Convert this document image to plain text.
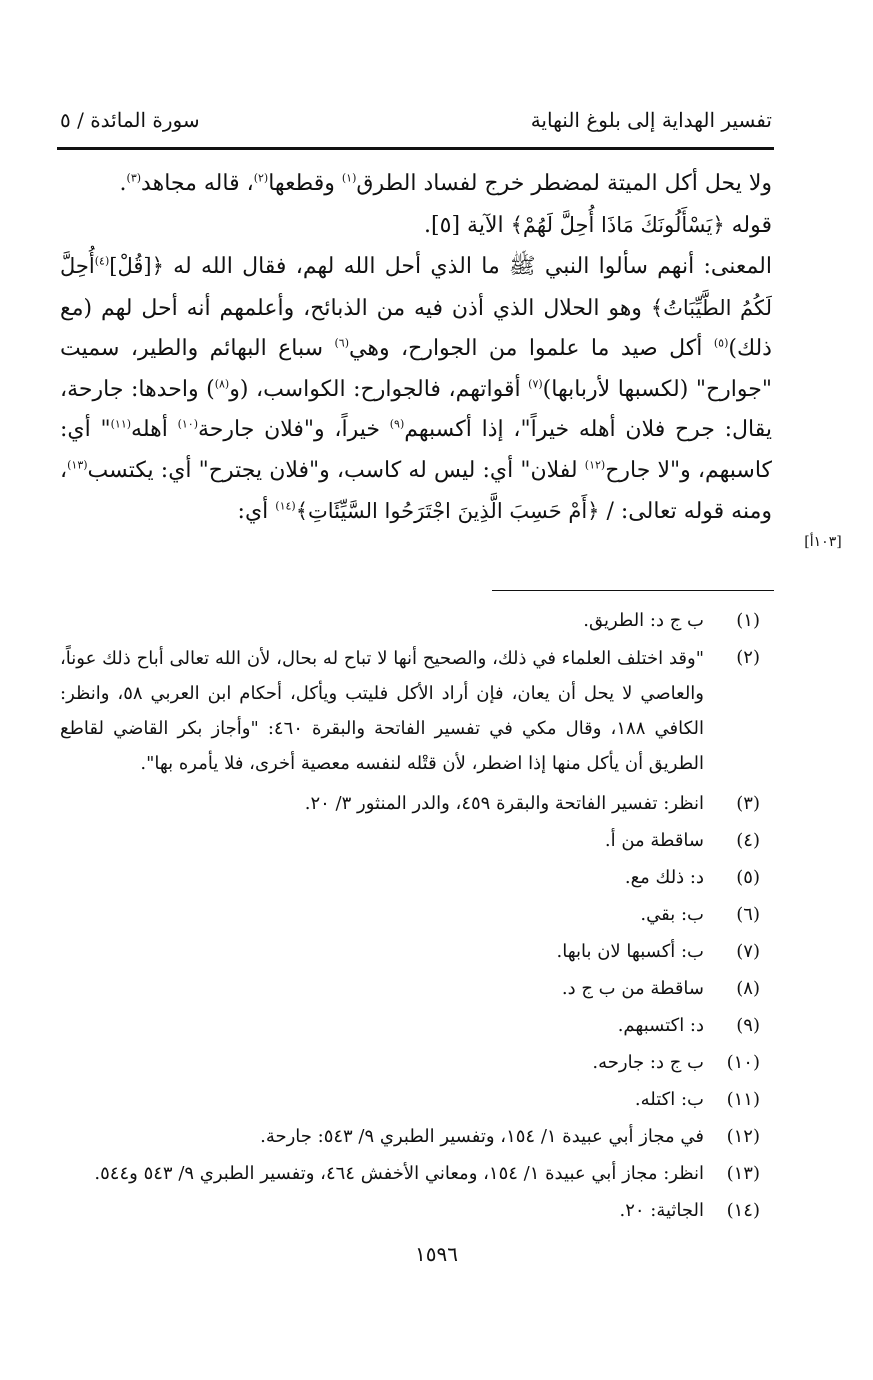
تفسير الهداية إلى بلوغ النهاية
سورة المائدة / ٥

ولا يحل أكل الميتة لمضطر خرج لفساد الطرق$^{(١)}$ وقطعها$^{(٢)}$، قاله مجاهد$^{(٣)}$.

قوله ﴿يَسْأَلُونَكَ مَاذَا أُحِلَّ لَهُمْ﴾ الآية [٥].

المعنى: أنهم سألوا النبي ﷺ ما الذي أحل الله لهم، فقال الله له ﴿[قُلْ]$^{(٤)}$أُحِلَّ لَكُمُ الطَّيِّبَاتُ﴾ وهو الحلال الذي أذن فيه من الذبائح، وأعلمهم أنه أحل لهم (مع ذلك)$^{(٥)}$ أكل صيد ما علموا من الجوارح، وهي$^{(٦)}$ سباع البهائم والطير، سميت "جوارح" (لكسبها لأربابها)$^{(٧)}$ أقواتهم، فالجوارح: الكواسب، (و$^{(٨)}$) واحدها: جارحة، يقال: جرح فلان أهله خيراً"، إذا أكسبهم$^{(٩)}$ خيراً، و"فلان جارحة$^{(١٠)}$ أهله$^{(١١)}$" أي: كاسبهم، و"لا جارح$^{(١٢)}$ لفلان" أي: ليس له كاسب، و"فلان يجترح" أي: يكتسب$^{(١٣)}$، ومنه قوله تعالى: / ﴿أَمْ حَسِبَ الَّذِينَ اجْتَرَحُوا السَّيِّئَاتِ﴾$^{(١٤)}$ أي:

[١٠٣أ]
(١)
ب ج د: الطريق.
(٢)
"وقد اختلف العلماء في ذلك، والصحيح أنها لا تباح له بحال، لأن الله تعالى أباح ذلك عوناً، والعاصي لا يحل أن يعان، فإن أراد الأكل فليتب ويأكل، أحكام ابن العربي ٥٨، وانظر: الكافي ١٨٨، وقال مكي في تفسير الفاتحة والبقرة ٤٦٠: "وأجاز بكر القاضي لقاطع الطريق أن يأكل منها إذا اضطر، لأن قتْله لنفسه معصية أخرى، فلا يأمره بها".
(٣)
انظر: تفسير الفاتحة والبقرة ٤٥٩، والدر المنثور ٣/ ٢٠.
(٤)
ساقطة من أ.
(٥)
د: ذلك مع.
(٦)
ب: بقي.
(٧)
ب: أكسبها لان بابها.
(٨)
ساقطة من ب ج د.
(٩)
د: اكتسبهم.
(١٠)
ب ج د: جارحه.
(١١)
ب: اكتله.
(١٢)
في مجاز أبي عبيدة ١/ ١٥٤، وتفسير الطبري ٩/ ٥٤٣: جارحة.
(١٣)
انظر: مجاز أبي عبيدة ١/ ١٥٤، ومعاني الأخفش ٤٦٤، وتفسير الطبري ٩/ ٥٤٣ و٥٤٤.
(١٤)
الجاثية: ٢٠.
١٥٩٦
